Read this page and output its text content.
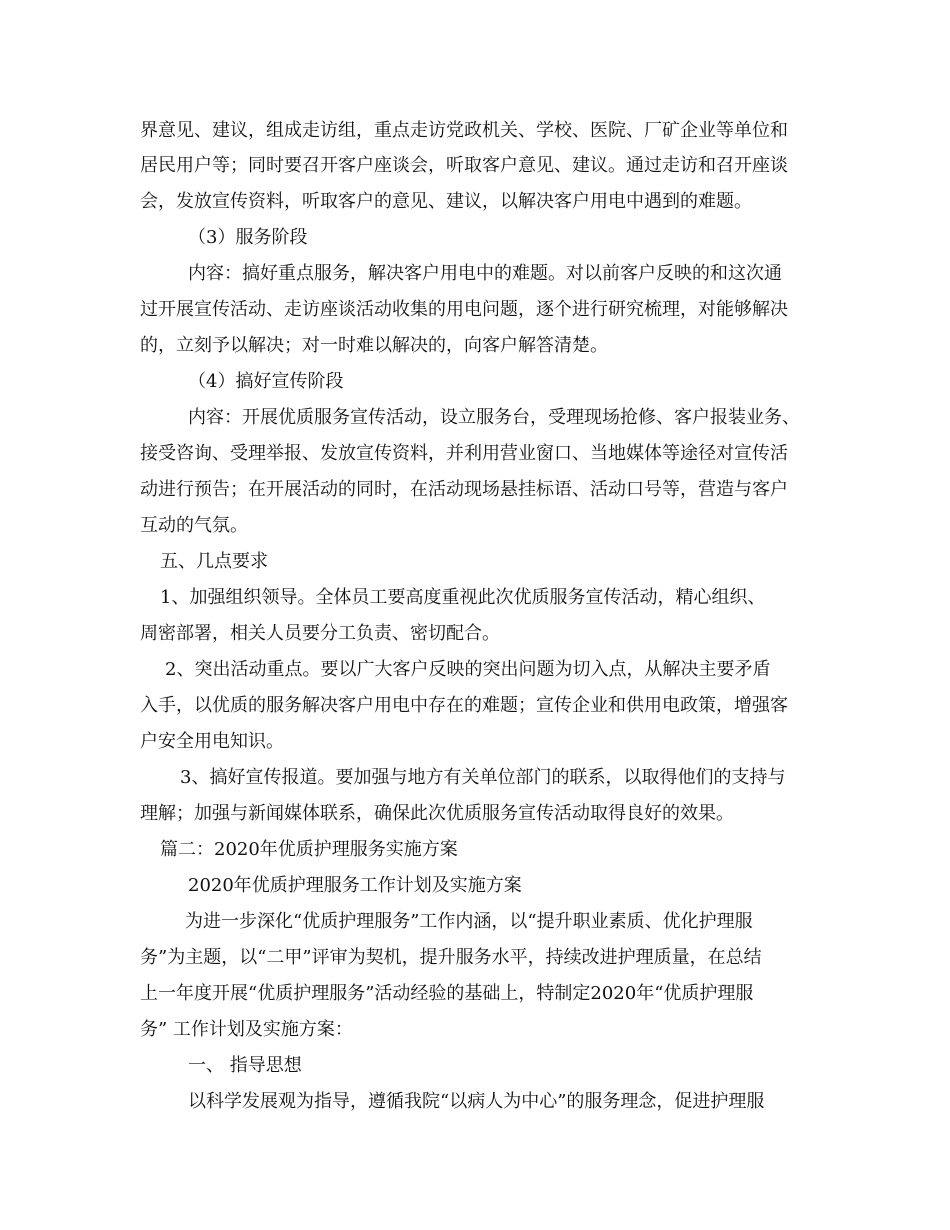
界意见、建议，组成走访组，重点走访党政机关、学校、医院、厂矿企业等单位和
居民用户等；同时要召开客户座谈会，听取客户意见、建议。通过走访和召开座谈
会，发放宣传资料，听取客户的意见、建议，以解决客户用电中遇到的难题。
（3）服务阶段
内容：搞好重点服务，解决客户用电中的难题。对以前客户反映的和这次通
过开展宣传活动、走访座谈活动收集的用电问题，逐个进行研究梳理，对能够解决
的，立刻予以解决；对一时难以解决的，向客户解答清楚。
（4）搞好宣传阶段
内容：开展优质服务宣传活动，设立服务台，受理现场抢修、客户报装业务、
接受咨询、受理举报、发放宣传资料，并利用营业窗口、当地媒体等途径对宣传活
动进行预告；在开展活动的同时，在活动现场悬挂标语、活动口号等，营造与客户
互动的气氛。
五、几点要求
1、加强组织领导。全体员工要高度重视此次优质服务宣传活动，精心组织、
周密部署，相关人员要分工负责、密切配合。
2、突出活动重点。要以广大客户反映的突出问题为切入点，从解决主要矛盾
入手，以优质的服务解决客户用电中存在的难题；宣传企业和供用电政策，增强客
户安全用电知识。
3、搞好宣传报道。要加强与地方有关单位部门的联系，以取得他们的支持与
理解；加强与新闻媒体联系，确保此次优质服务宣传活动取得良好的效果。
篇二：2020年优质护理服务实施方案
2020年优质护理服务工作计划及实施方案
为进一步深化“优质护理服务”工作内涵，以“提升职业素质、优化护理服
务”为主题，以“二甲”评审为契机，提升服务水平，持续改进护理质量，在总结
上一年度开展“优质护理服务”活动经验的基础上，特制定2020年“优质护理服
务” 工作计划及实施方案：
一、 指导思想
以科学发展观为指导，遵循我院“以病人为中心”的服务理念，促进护理服
